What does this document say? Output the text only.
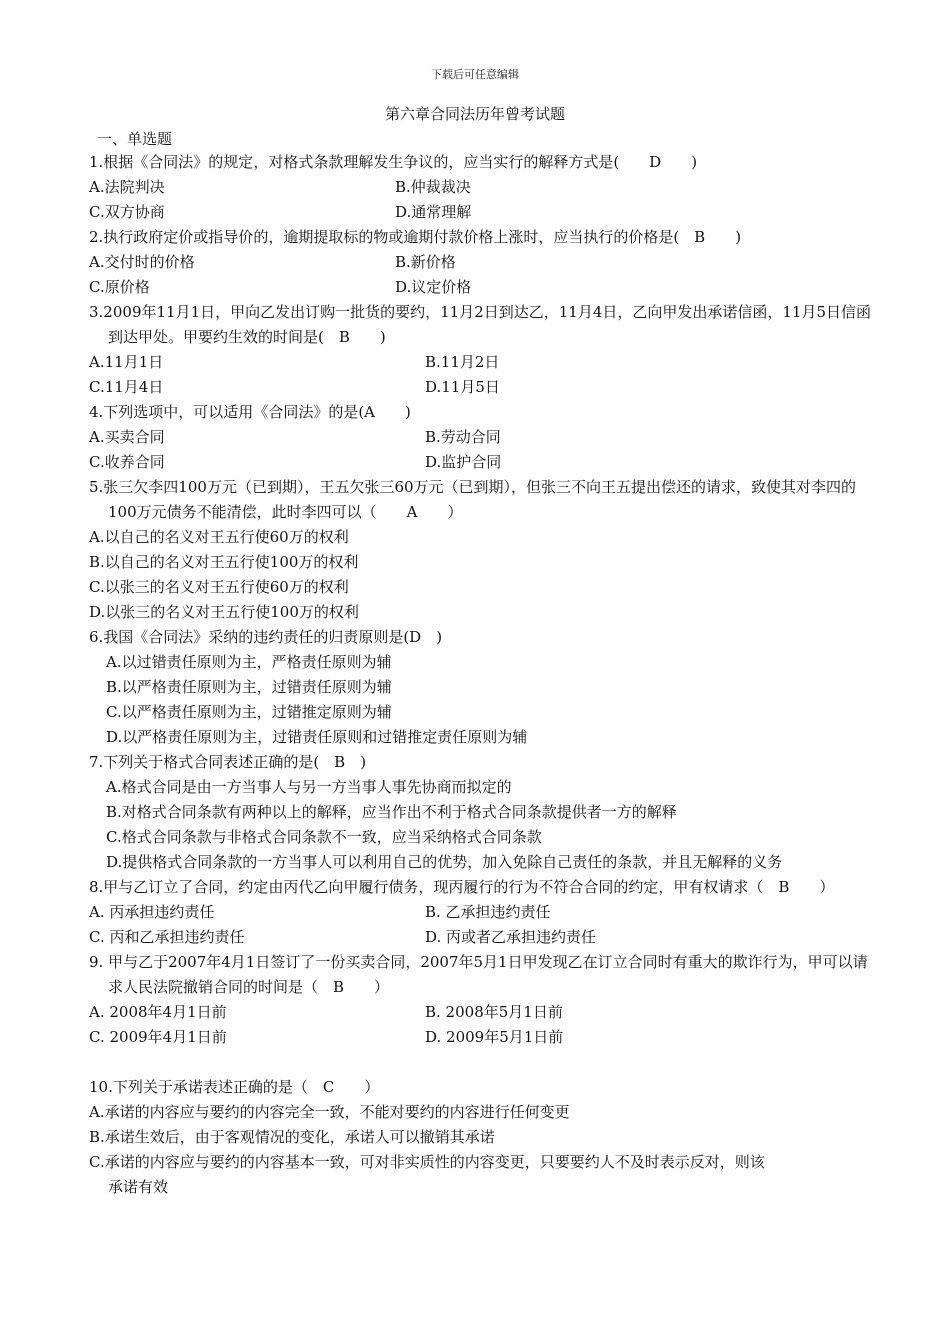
下载后可任意编辑
第六章合同法历年曾考试题
一、单选题
1.根据《合同法》的规定，对格式条款理解发生争议的，应当实行的解释方式是(　　D　　)
A.法院判决	B.仲裁裁决
C.双方协商	D.通常理解
2.执行政府定价或指导价的，逾期提取标的物或逾期付款价格上涨时，应当执行的价格是(　B　　)
A.交付时的价格	B.新价格
C.原价格	D.议定价格
3.2009年11月1日，甲向乙发出订购一批货的要约，11月2日到达乙，11月4日，乙向甲发出承诺信函，11月5日信函到达甲处。甲要约生效的时间是(　B　　)
A.11月1日	B.11月2日
C.11月4日	D.11月5日
4.下列选项中，可以适用《合同法》的是(A　　)
A.买卖合同	B.劳动合同
C.收养合同	D.监护合同
5.张三欠李四100万元（已到期），王五欠张三60万元（已到期），但张三不向王五提出偿还的请求，致使其对李四的100万元债务不能清偿，此时李四可以（　　A　　）
A.以自己的名义对王五行使60万的权利
B.以自己的名义对王五行使100万的权利
C.以张三的名义对王五行使60万的权利
D.以张三的名义对王五行使100万的权利
6.我国《合同法》采纳的违约责任的归责原则是(D　)
A.以过错责任原则为主，严格责任原则为辅
B.以严格责任原则为主，过错责任原则为辅
C.以严格责任原则为主，过错推定原则为辅
D.以严格责任原则为主，过错责任原则和过错推定责任原则为辅
7.下列关于格式合同表述正确的是(　B　)
A.格式合同是由一方当事人与另一方当事人事先协商而拟定的
B.对格式合同条款有两种以上的解释，应当作出不利于格式合同条款提供者一方的解释
C.格式合同条款与非格式合同条款不一致，应当采纳格式合同条款
D.提供格式合同条款的一方当事人可以利用自己的优势，加入免除自己责任的条款，并且无解释的义务
8.甲与乙订立了合同，约定由丙代乙向甲履行债务，现丙履行的行为不符合合同的约定，甲有权请求（　B　　）
A. 丙承担违约责任	B. 乙承担违约责任
C. 丙和乙承担违约责任	D. 丙或者乙承担违约责任
9. 甲与乙于2007年4月1日签订了一份买卖合同，2007年5月1日甲发现乙在订立合同时有重大的欺诈行为，甲可以请求人民法院撤销合同的时间是（　B　　）
A. 2008年4月1日前	B. 2008年5月1日前
C. 2009年4月1日前	D. 2009年5月1日前
10.下列关于承诺表述正确的是（　C　　）
A.承诺的内容应与要约的内容完全一致，不能对要约的内容进行任何变更
B.承诺生效后，由于客观情况的变化，承诺人可以撤销其承诺
C.承诺的内容应与要约的内容基本一致，可对非实质性的内容变更，只要要约人不及时表示反对，则该承诺有效
